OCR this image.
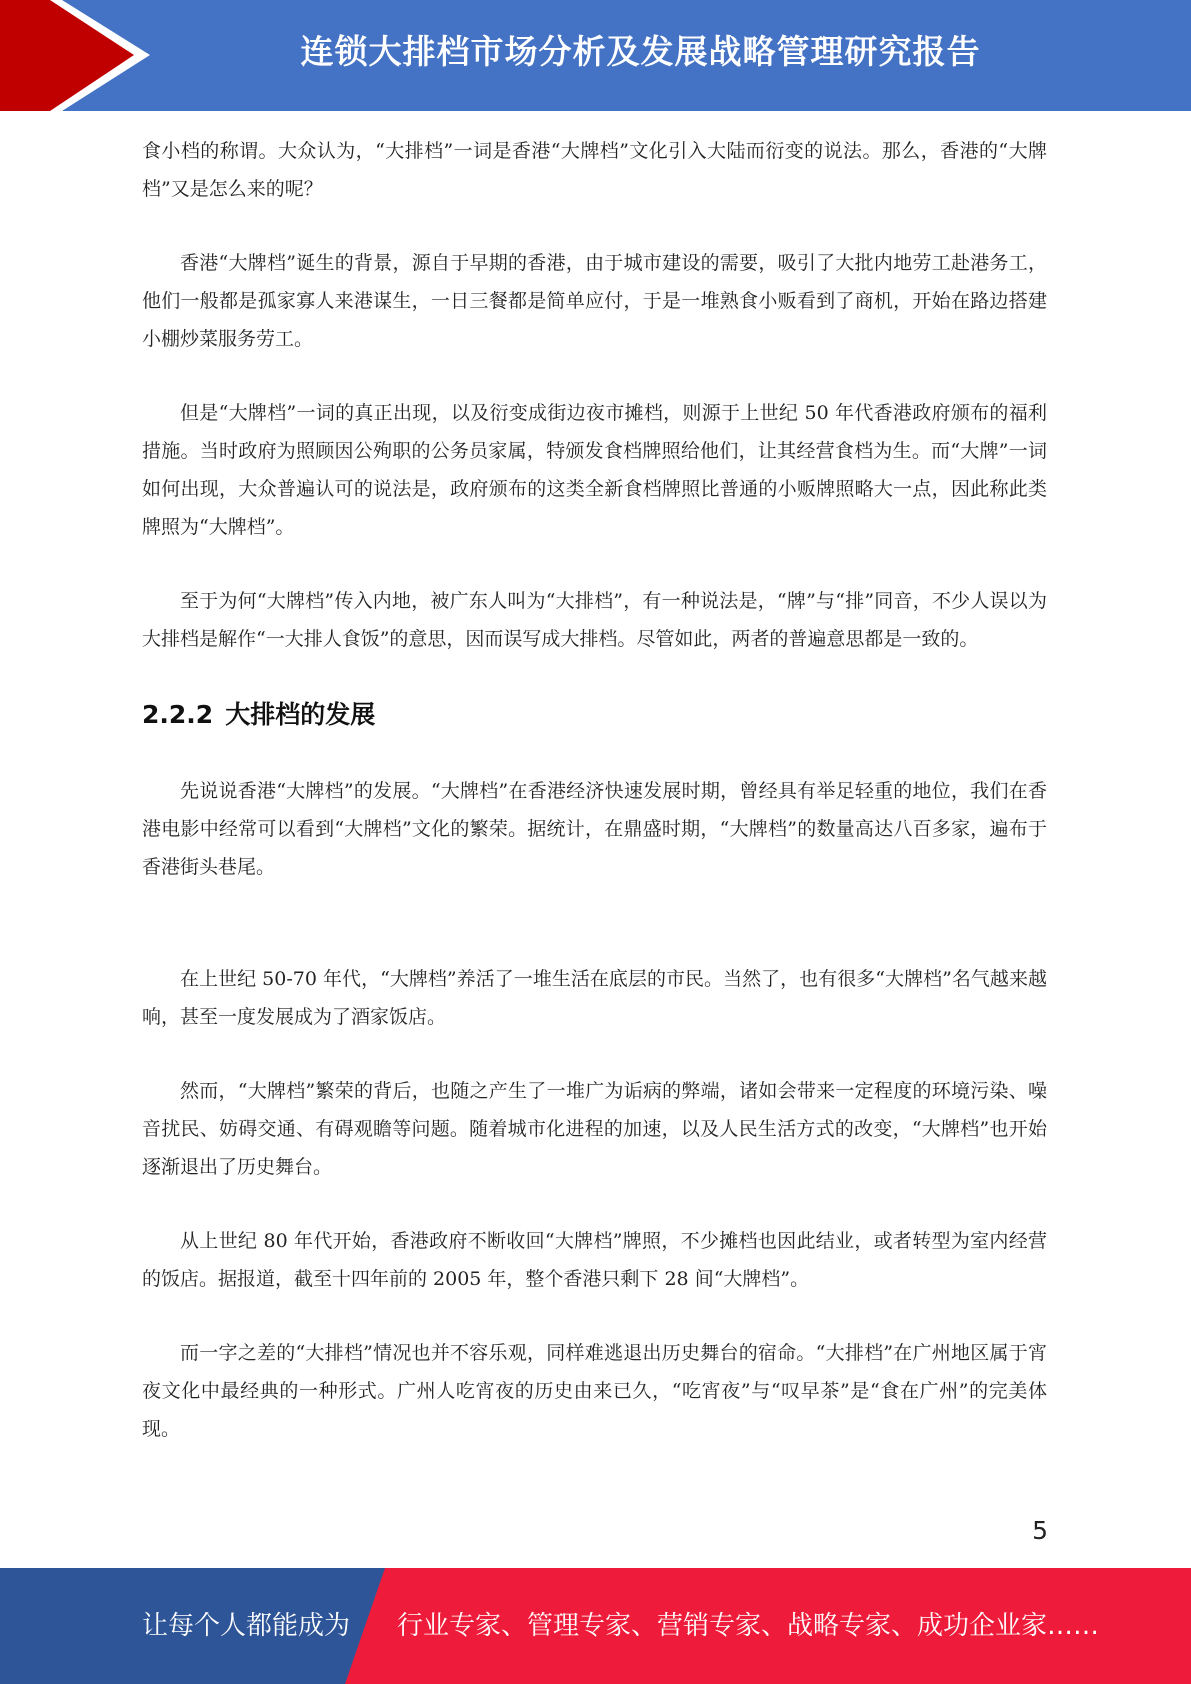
连锁大排档市场分析及发展战略管理研究报告

食小档的称谓。大众认为，“大排档”一词是香港“大牌档”文化引入大陆而衍变的说法。那么，香港的“大牌档”又是怎么来的呢？

香港“大牌档”诞生的背景，源自于早期的香港，由于城市建设的需要，吸引了大批内地劳工赴港务工，他们一般都是孤家寡人来港谋生，一日三餐都是简单应付，于是一堆熟食小贩看到了商机，开始在路边搭建小棚炒菜服务劳工。

但是“大牌档”一词的真正出现，以及衍变成街边夜市摊档，则源于上世纪 50 年代香港政府颁布的福利措施。当时政府为照顾因公殉职的公务员家属，特颁发食档牌照给他们，让其经营食档为生。而“大牌”一词如何出现，大众普遍认可的说法是，政府颁布的这类全新食档牌照比普通的小贩牌照略大一点，因此称此类牌照为“大牌档”。

至于为何“大牌档”传入内地，被广东人叫为“大排档”，有一种说法是，“牌”与“排”同音，不少人误以为大排档是解作“一大排人食饭”的意思，因而误写成大排档。尽管如此，两者的普遍意思都是一致的。

2.2.2 大排档的发展

先说说香港“大牌档”的发展。“大牌档”在香港经济快速发展时期，曾经具有举足轻重的地位，我们在香港电影中经常可以看到“大牌档”文化的繁荣。据统计，在鼎盛时期，“大牌档”的数量高达八百多家，遍布于香港街头巷尾。

在上世纪 50-70 年代，“大牌档”养活了一堆生活在底层的市民。当然了，也有很多“大牌档”名气越来越响，甚至一度发展成为了酒家饭店。

然而，“大牌档”繁荣的背后，也随之产生了一堆广为诟病的弊端，诸如会带来一定程度的环境污染、噪音扰民、妨碍交通、有碍观瞻等问题。随着城市化进程的加速，以及人民生活方式的改变，“大牌档”也开始逐渐退出了历史舞台。

从上世纪 80 年代开始，香港政府不断收回“大牌档”牌照，不少摊档也因此结业，或者转型为室内经营的饭店。据报道，截至十四年前的 2005 年，整个香港只剩下 28 间“大牌档”。

而一字之差的“大排档”情况也并不容乐观，同样难逃退出历史舞台的宿命。“大排档”在广州地区属于宵夜文化中最经典的一种形式。广州人吃宵夜的历史由来已久，“吃宵夜”与“叹早茶”是“食在广州”的完美体现。

5
让每个人都能成为 行业专家、管理专家、营销专家、战略专家、成功企业家……
